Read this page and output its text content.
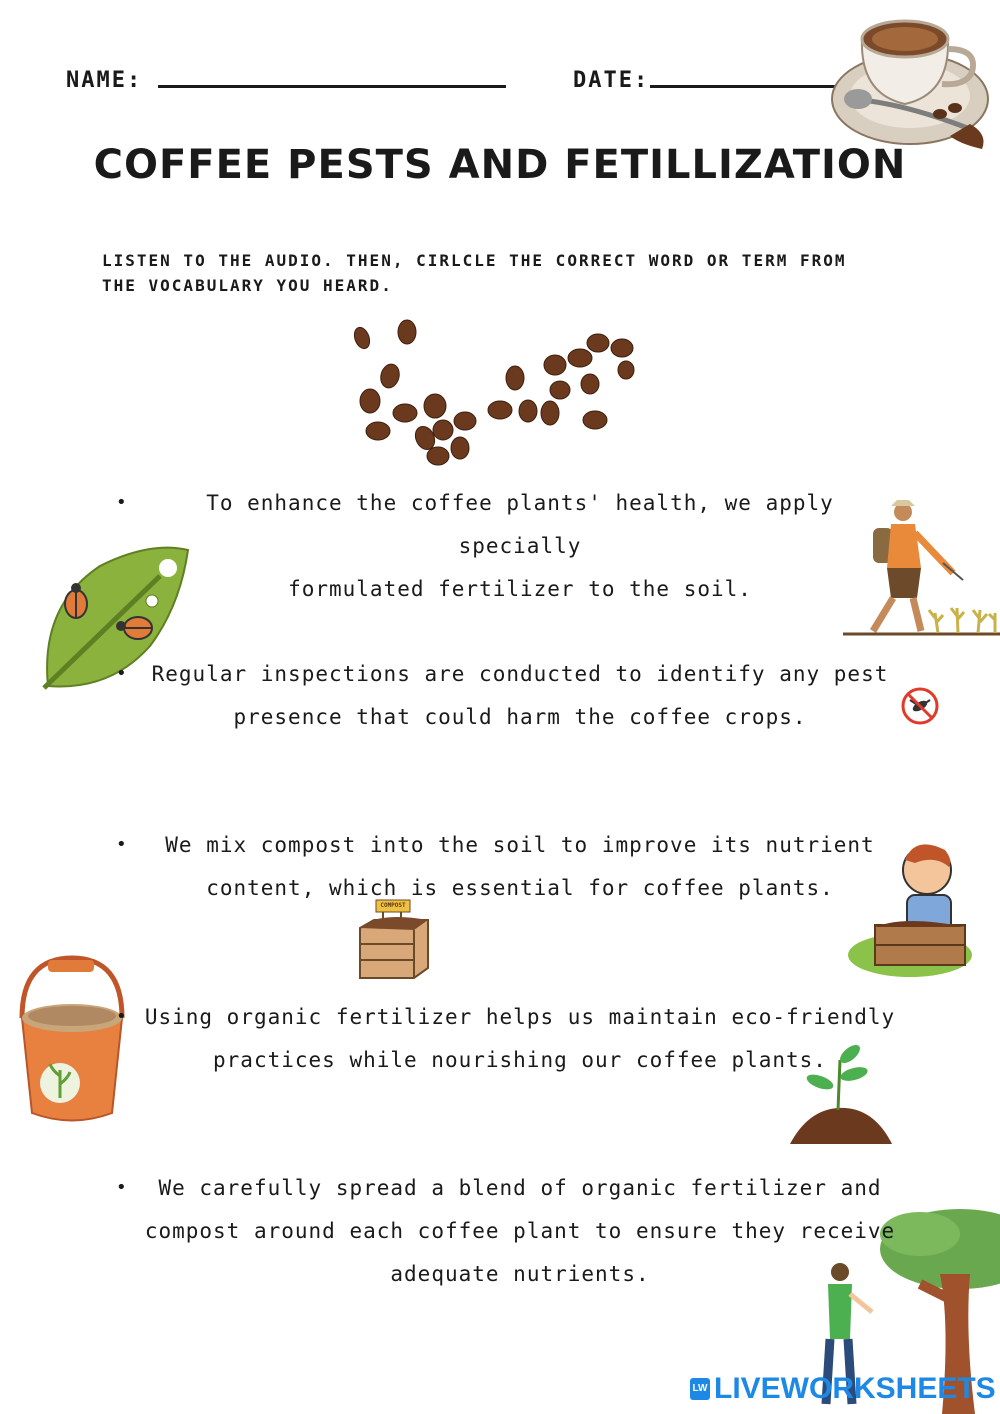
NAME:	DATE:
COFFEE PESTS AND FETILLIZATION
LISTEN TO THE AUDIO. THEN, CIRLCLE THE CORRECT WORD OR TERM FROM THE VOCABULARY YOU HEARD.
COMPOST
•	To enhance the coffee plants' health, we apply specially
formulated fertilizer to the soil.
•	Regular inspections are conducted to identify any pest
presence that could harm the coffee crops.
•	We mix compost into the soil to improve its nutrient
content, which is essential for coffee plants.
• Using organic fertilizer helps us maintain eco-friendly
practices while nourishing our coffee plants.
•	We carefully spread a blend of organic fertilizer and
compost around each coffee plant to ensure they receive
adequate nutrients.
LW LIVEWORKSHEETS
